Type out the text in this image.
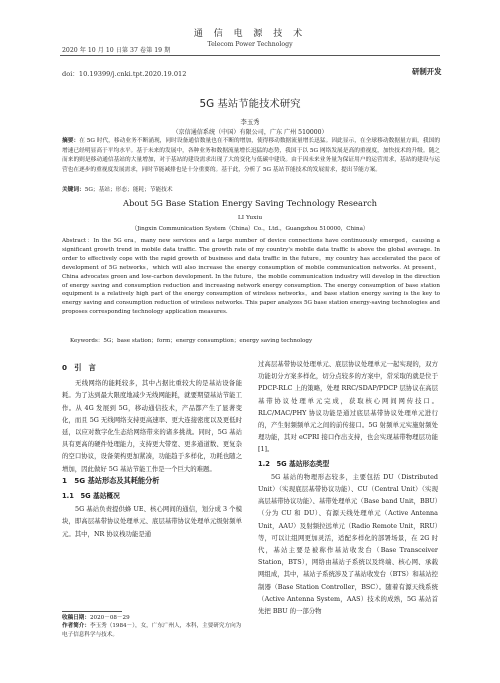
2020 年 10 月 10 日第 37 卷第 19 期
通 信 电 源 技 术
Telecom Power Technology
doi：10.19399/j.cnki.tpt.2020.19.012	研制开发
5G 基站节能技术研究
李玉秀
（京信通信系统（中国）有限公司，广东 广州 510000）
摘要：在 5G 时代，移动业务不断涌现，同时设备通信数量也在不断的增加，使得移动数据流量增长迅猛。因此显示，在全球移动数据量方面，我国的增速已经明显高于平均水平。基于未来的发展中，各种业务和数据流量增长迅猛的态势，我国于以 5G 网络发展是高的重视度，加快技术的升级。随之而来的则是移动通信基站的大量增加，对于基站的建设需求出现了大的变化与低碳中建设。由于因未来业务量为保证用户的运营需求，基站的建设与运营也在逐步的重视度发展需求，同时节能减排也是十分重要的。基于此，分析了 5G 基站节能技术的发展需求，提出节能方案。
关键词：5G；基站；形态；能耗；节能技术
About 5G Base Station Energy Saving Technology Research
LI Yuxiu
（Jingxin Communication System（China）Co.，Ltd.，Guangzhou 510000，China）
Abstract：In the 5G era，many new services and a large number of device connections have continuously emerged，causing a significant growth trend in mobile data traffic. The growth rate of my country's mobile data traffic is above the global average. In order to effectively cope with the rapid growth of business and data traffic in the future，my country has accelerated the pace of development of 5G networks，which will also increase the energy consumption of mobile communication networks. At present，China advocates green and low-carbon development. In the future，the mobile communication industry will develop in the direction of energy saving and consumption reduction and increasing network energy consumption. The energy consumption of base station equipment is a relatively high part of the energy consumption of wireless networks，and base station energy saving is the key to energy saving and consumption reduction of wireless networks. This paper analyzes 5G base station energy-saving technologies and proposes corresponding technology application measures.
Keywords：5G；base station；form；energy consumption；energy saving technology
0　引　言

无线网络的能耗较多，其中占据比重较大的是基站设备能耗。为了达到最大限度地减少无线网能耗，就要期望基站节能工作。从 4G 发展到 5G，移动通信技术，产品都产生了显著变化，而且 5G 无线网络支持更高速率、更大连接密度以及更低时延，以应对数字化生态给网络带来的诸多挑战。同时，5G 基站具有更高的硬件处理能力，支持更大带宽、更多通道数、更复杂的空口协议，设备架构更加紧凑，功能趋于多样化，功耗也随之增加，因此做好 5G 基站节能工作是一个巨大的难题。

1　5G 基站形态及其耗能分析
1.1　5G 基站概况

5G 基站负责提供蜂 UE、核心网间的通信，划分成 3 个模块，即高层基带协议处理单元、底层基带协议处理单元级射频单元。其中，NR 协议栈功能是通

过高层基带协议处理单元、底层协议处理单元一起实现的，双方功能切分方案多样化，切分点较多的方案中，常采取的就是位于 PDCP-RLC 上的策略，处理 RRC/SDAP/PDCP 层协议在高层基带协议处理单元完成，获取核心网间网传技口。RLC/MAC/PHY 协议功能是通过底层基带协议处理单元进行的，产生射频频单元之间的前传接口。5G 射频单元实施射频处理功能，其对 eCPRI 接口作出支持，也会实现基带物理层功能 [1]。

1.2　5G 基站形态类型

5G 基站的物理形态较多，主要包括 DU（Distributed Unit）（实现底层基带协议功能）、CU（Central Unit）（实现高层基带协议功能）、基带处理单元（Base band Unit，BBU）（分为 CU 和 DU）、有源天线处理单元（Active Antenna Unit，AAU）及射频拉远单元（Radio Remote Unit，RRU）等，可以让组网更加灵活，适配多样化的部署场景，在 2G 时代，基站主要是被称作基站收发台（Base Transceiver Station，BTS），网络由基站子系统以及终端、核心网、承载网组成，其中，基站子系统涉及了基站收发台（BTS）和基站控制器（Base Station Controller，BSC）。随着有源天线系统（Active Antenna System，AAS）技术的成熟，5G 基站首先把 BBU 的一部分物

收稿日期：2020－08－29
作者简介：李玉秀（1984－），女，广东广州人，本科，主要研究方向为电子信息科学与技术。
